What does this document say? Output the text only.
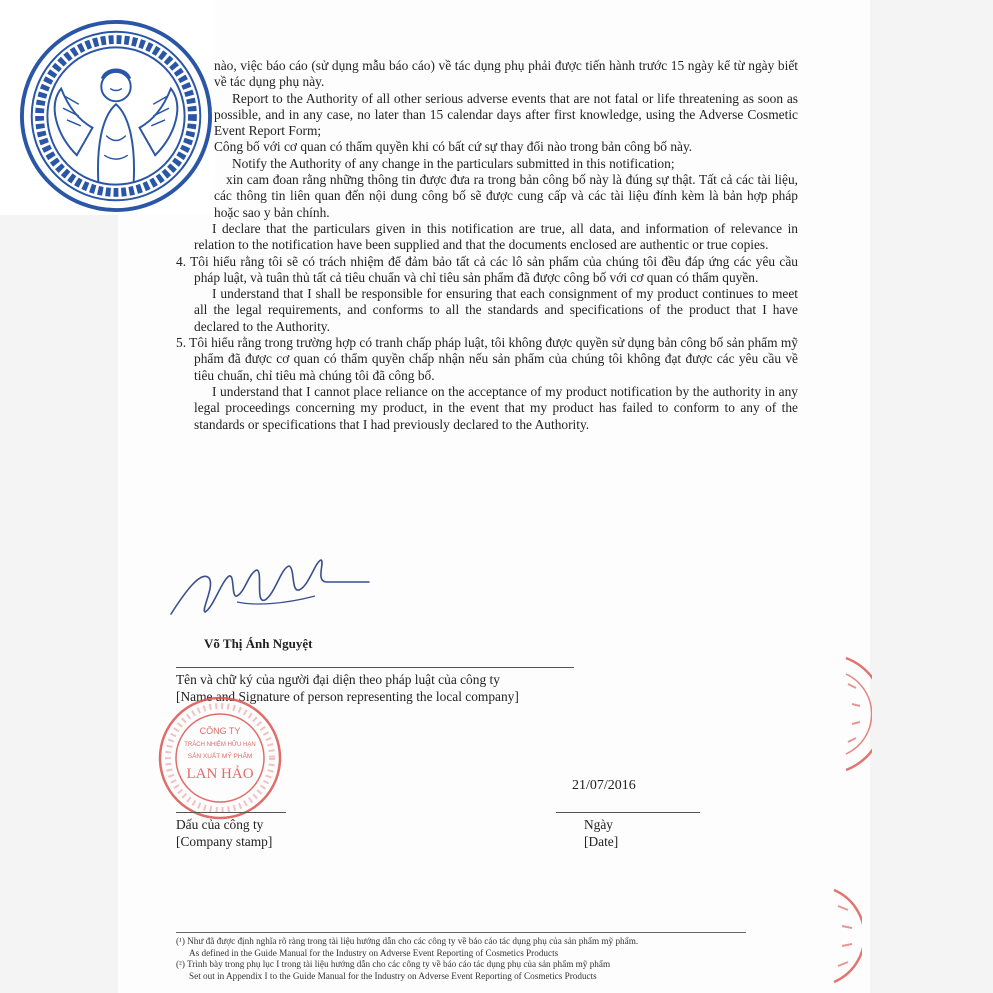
nào, việc báo cáo (sử dụng mẫu báo cáo) về tác dụng phụ phải được tiến hành trước 15 ngày kể từ ngày biết về tác dụng phụ này.

Report to the Authority of all other serious adverse events that are not fatal or life threatening as soon as possible, and in any case, no later than 15 calendar days after first knowledge, using the Adverse Cosmetic Event Report Form;

Công bố với cơ quan có thẩm quyền khi có bất cứ sự thay đổi nào trong bản công bố này.

Notify the Authority of any change in the particulars submitted in this notification;

xin cam đoan rằng những thông tin được đưa ra trong bản công bố này là đúng sự thật. Tất cả các tài liệu, các thông tin liên quan đến nội dung công bố sẽ được cung cấp và các tài liệu đính kèm là bản hợp pháp hoặc sao y bản chính.

I declare that the particulars given in this notification are true, all data, and information of relevance in relation to the notification have been supplied and that the documents enclosed are authentic or true copies.

4. Tôi hiểu rằng tôi sẽ có trách nhiệm để đảm bảo tất cả các lô sản phẩm của chúng tôi đều đáp ứng các yêu cầu pháp luật, và tuân thủ tất cả tiêu chuẩn và chỉ tiêu sản phẩm đã được công bố với cơ quan có thẩm quyền.

I understand that I shall be responsible for ensuring that each consignment of my product continues to meet all the legal requirements, and conforms to all the standards and specifications of the product that I have declared to the Authority.

5. Tôi hiểu rằng trong trường hợp có tranh chấp pháp luật, tôi không được quyền sử dụng bản công bố sản phẩm mỹ phẩm đã được cơ quan có thẩm quyền chấp nhận nếu sản phẩm của chúng tôi không đạt được các yêu cầu về tiêu chuẩn, chỉ tiêu mà chúng tôi đã công bố.

I understand that I cannot place reliance on the acceptance of my product notification by the authority in any legal proceedings concerning my product, in the event that my product has failed to conform to any of the standards or specifications that I had previously declared to the Authority.

Võ Thị Ánh Nguyệt
Tên và chữ ký của người đại diện theo pháp luật của công ty
[Name and Signature of person representing the local company]
CÔNG TY
TRÁCH NHIỆM HỮU HẠN
SẢN XUẤT MỸ PHẨM
LAN HẢO
21/07/2016
Dấu của công ty
[Company stamp]
Ngày
[Date]

(¹) Như đã được định nghĩa rõ ràng trong tài liệu hướng dẫn cho các công ty về báo cáo tác dụng phụ của sản phẩm mỹ phẩm.

As defined in the Guide Manual for the Industry on Adverse Event Reporting of Cosmetics Products

(²) Trình bày trong phụ lục I trong tài liệu hướng dẫn cho các công ty về báo cáo tác dụng phụ của sản phẩm mỹ phẩm

Set out in Appendix I to the Guide Manual for the Industry on Adverse Event Reporting of Cosmetics Products
